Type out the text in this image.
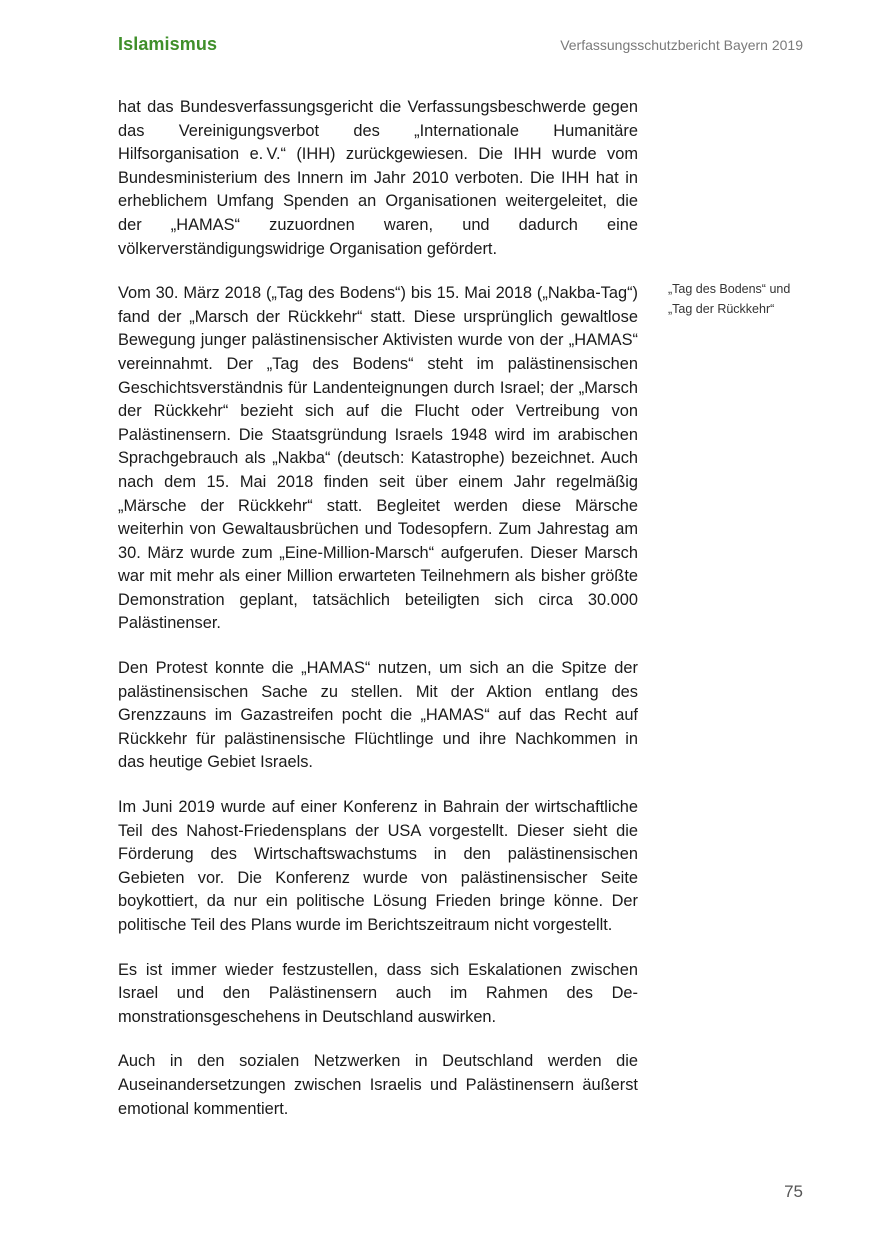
Islamismus	Verfassungsschutzbericht Bayern 2019

hat das Bundesverfassungsgericht die Verfassungsbeschwerde gegen das Vereinigungsverbot des „Internationale Humanitäre Hilfsorganisation e. V.“ (IHH) zurückgewiesen. Die IHH wurde vom Bundesministerium des Innern im Jahr 2010 verboten. Die IHH hat in erheblichem Umfang Spenden an Organisationen weitergeleitet, die der „HAMAS“ zuzuordnen waren, und dadurch eine völkerverständigungswidrige Organisation gefördert.

Vom 30. März 2018 („Tag des Bodens“) bis 15. Mai 2018 („Nakba-Tag“) fand der „Marsch der Rückkehr“ statt. Diese ursprünglich gewaltlose Bewegung junger palästinensischer Aktivisten wurde von der „HAMAS“ vereinnahmt. Der „Tag des Bodens“ steht im palästinensischen Geschichtsverständnis für Landenteignungen durch Israel; der „Marsch der Rückkehr“ bezieht sich auf die Flucht oder Vertreibung von Palästinensern. Die Staatsgründung Israels 1948 wird im arabischen Sprachgebrauch als „Nakba“ (deutsch: Katastrophe) bezeichnet. Auch nach dem 15. Mai 2018 finden seit über einem Jahr regelmäßig „Märsche der Rückkehr“ statt. Begleitet werden diese Märsche weiterhin von Gewaltausbrüchen und Todesopfern. Zum Jahrestag am 30. März wurde zum „Eine-Million-Marsch“ aufgerufen. Dieser Marsch war mit mehr als einer Million erwarteten Teilnehmern als bisher größte Demonstration geplant, tatsächlich beteiligten sich circa 30.000 Palästinenser.

Den Protest konnte die „HAMAS“ nutzen, um sich an die Spitze der palästinensischen Sache zu stellen. Mit der Aktion entlang des Grenzzauns im Gazastreifen pocht die „HAMAS“ auf das Recht auf Rückkehr für palästinensische Flüchtlinge und ihre Nachkommen in das heutige Gebiet Israels.

Im Juni 2019 wurde auf einer Konferenz in Bahrain der wirtschaftliche Teil des Nahost-Friedensplans der USA vorgestellt. Dieser sieht die Förderung des Wirtschaftswachstums in den palästinensischen Gebieten vor. Die Konferenz wurde von palästinensischer Seite boykottiert, da nur ein politische Lösung Frieden bringe könne. Der politische Teil des Plans wurde im Berichtszeitraum nicht vorgestellt.

Es ist immer wieder festzustellen, dass sich Eskalationen zwischen Israel und den Palästinensern auch im Rahmen des Demonstrationsgeschehens in Deutschland auswirken.

Auch in den sozialen Netzwerken in Deutschland werden die Auseinandersetzungen zwischen Israelis und Palästinensern äußerst emotional kommentiert.

„Tag des Bodens“ und „Tag der Rückkehr“
75
